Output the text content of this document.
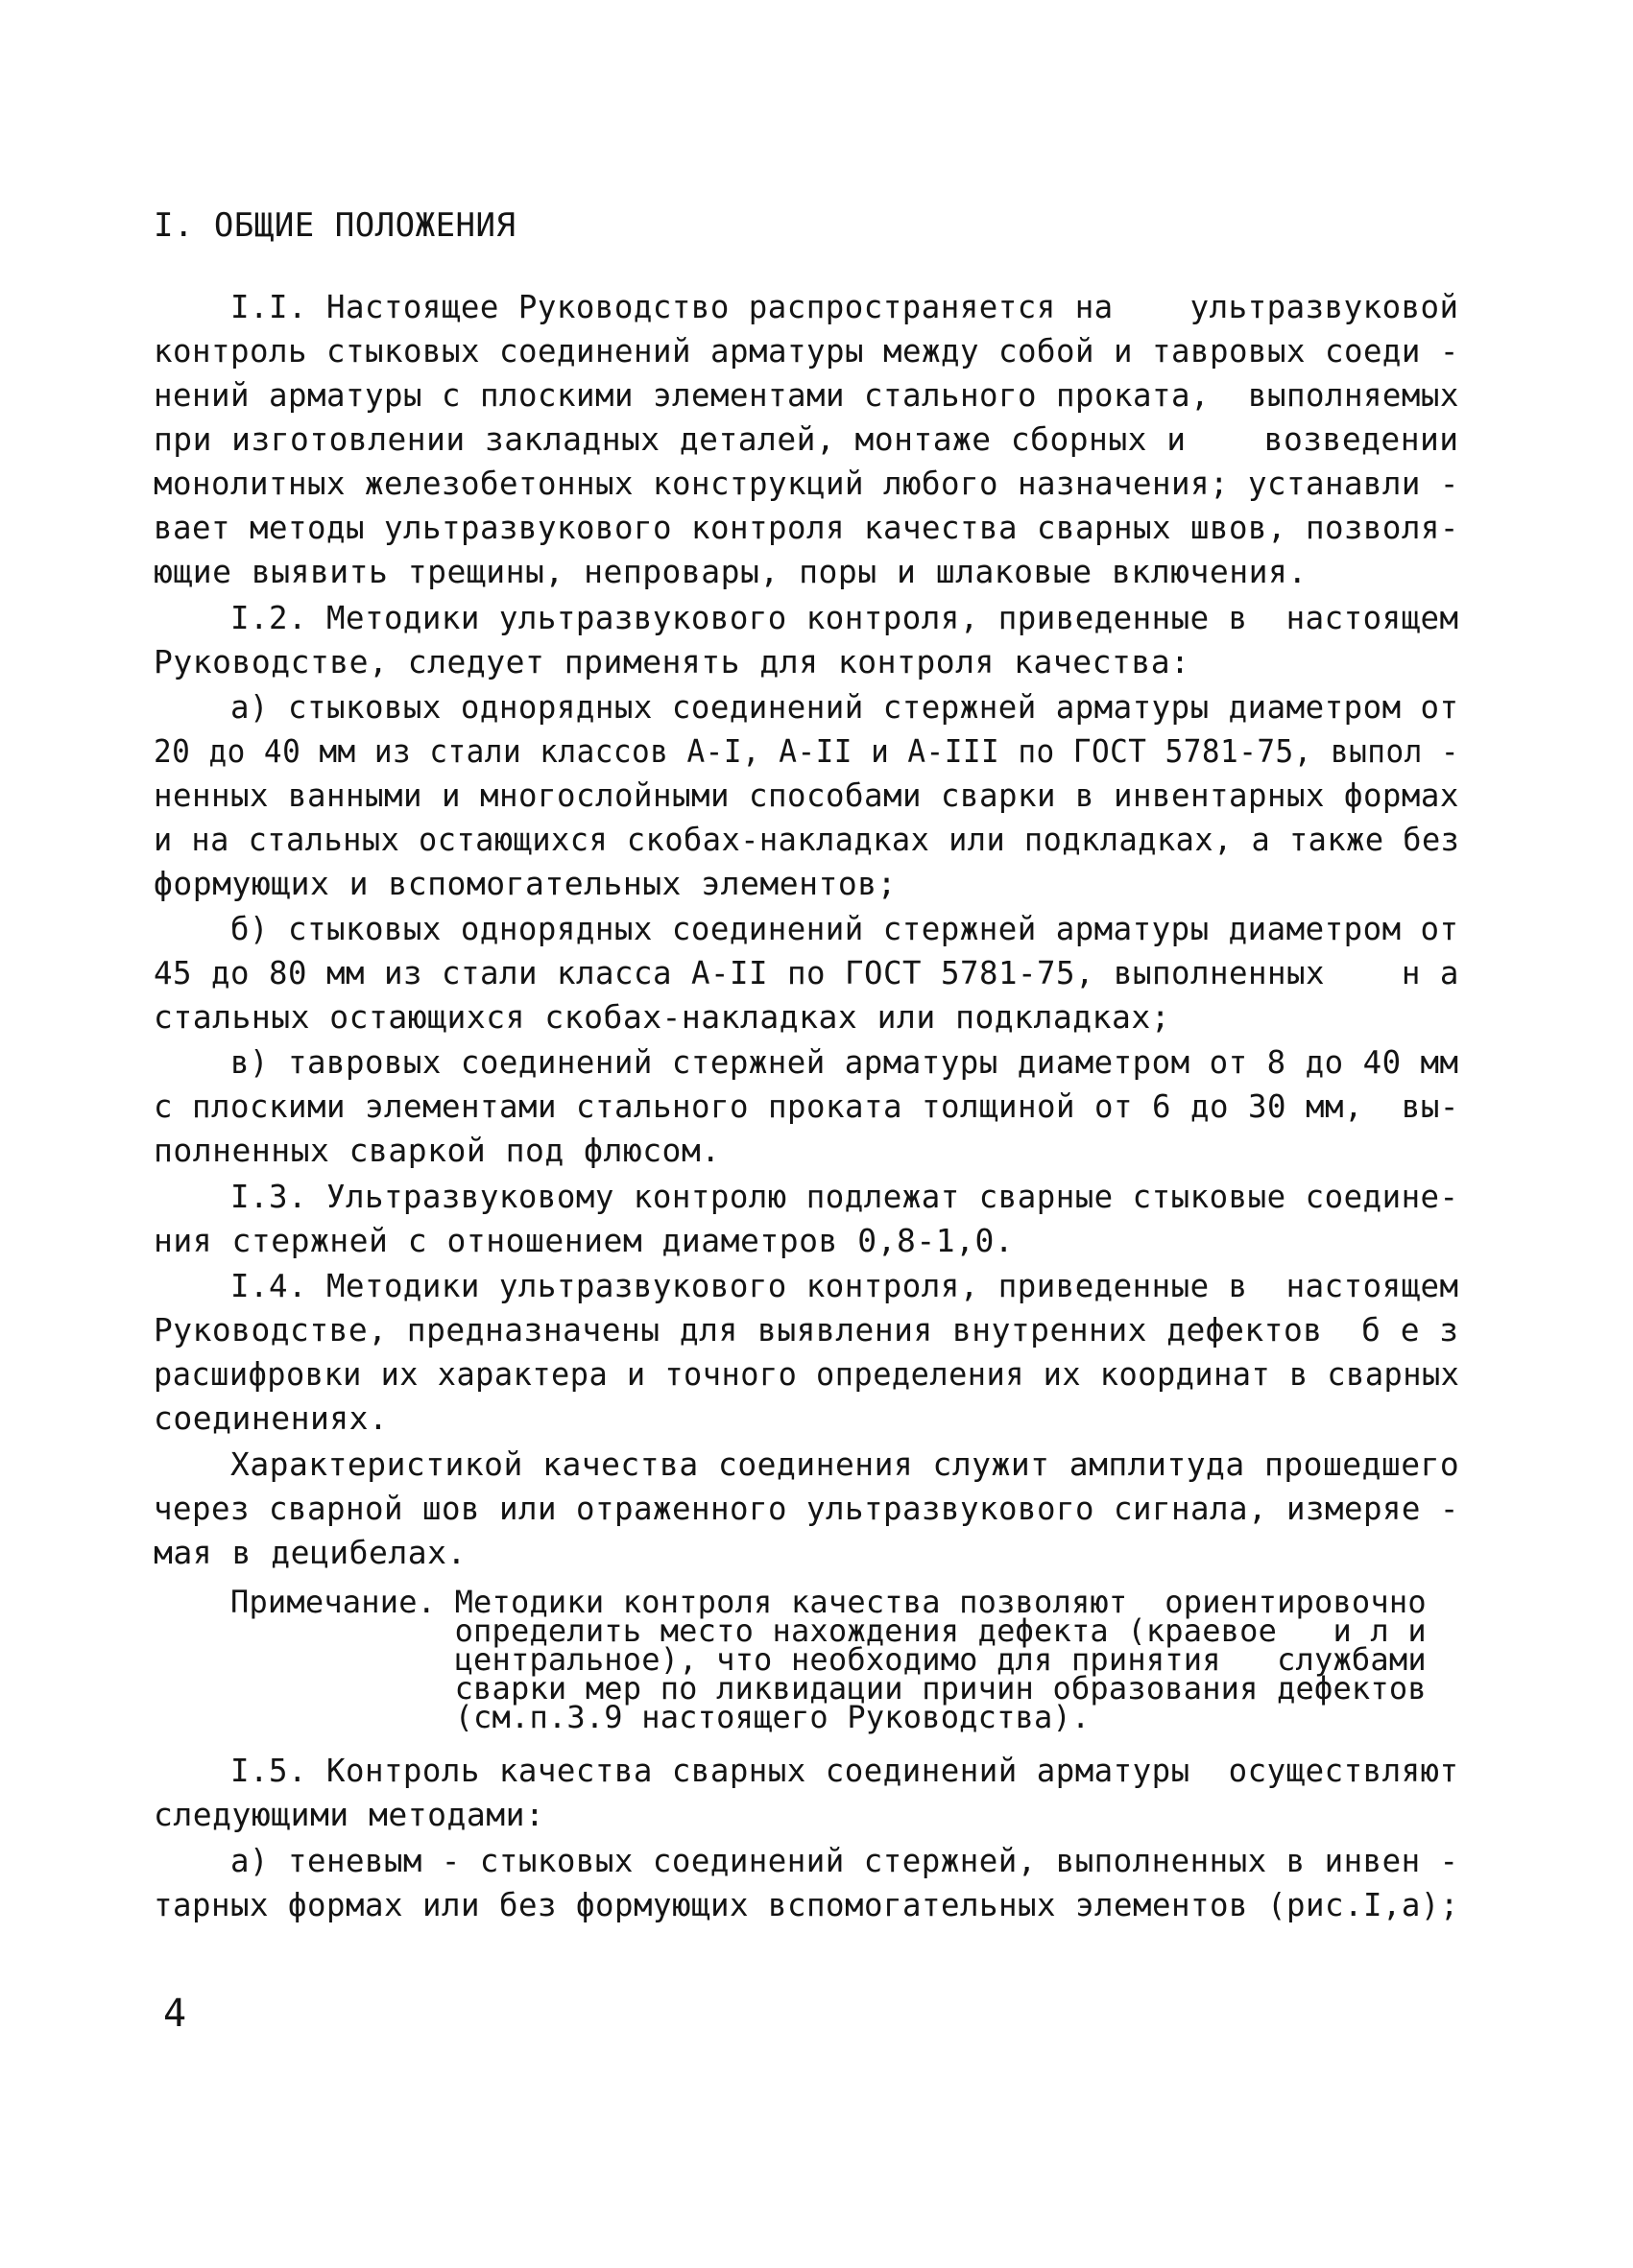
I. ОБЩИЕ ПОЛОЖЕНИЯ
I.I. Настоящее Руководство распространяется на    ультразвуковой
контроль стыковых соединений арматуры между собой и тавровых соеди -
нений арматуры с плоскими элементами стального проката,  выполняемых
при изготовлении закладных деталей, монтаже сборных и    возведении
монолитных железобетонных конструкций любого назначения; устанавли -
вает методы ультразвукового контроля качества сварных швов, позволя-
ющие выявить трещины, непровары, поры и шлаковые включения.
I.2. Методики ультразвукового контроля, приведенные в  настоящем
Руководстве, следует применять для контроля качества:
а) стыковых однорядных соединений стержней арматуры диаметром от
20 до 40 мм из стали классов А-I, А-II и А-III по ГОСТ 5781-75, выпол -
ненных ванными и многослойными способами сварки в инвентарных формах
и на стальных остающихся скобах-накладках или подкладках, а также без
формующих и вспомогательных элементов;
б) стыковых однорядных соединений стержней арматуры диаметром от
45 до 80 мм из стали класса А-II по ГОСТ 5781-75, выполненных    н а
стальных остающихся скобах-накладках или подкладках;
в) тавровых соединений стержней арматуры диаметром от 8 до 40 мм
с плоскими элементами стального проката толщиной от 6 до 30 мм,  вы-
полненных сваркой под флюсом.
I.3. Ультразвуковому контролю подлежат сварные стыковые соедине-
ния стержней с отношением диаметров 0,8-1,0.
I.4. Методики ультразвукового контроля, приведенные в  настоящем
Руководстве, предназначены для выявления внутренних дефектов  б е з
расшифровки их характера и точного определения их координат в сварных
соединениях.
Характеристикой качества соединения служит амплитуда прошедшего
через сварной шов или отраженного ультразвукового сигнала, измеряе -
мая в децибелах.
Примечание. Методики контроля качества позволяют  ориентировочно
определить место нахождения дефекта (краевое   и л и
центральное), что необходимо для принятия   службами
сварки мер по ликвидации причин образования дефектов
(см.п.3.9 настоящего Руководства).
I.5. Контроль качества сварных соединений арматуры  осуществляют
следующими методами:
а) теневым - стыковых соединений стержней, выполненных в инвен -
тарных формах или без формующих вспомогательных элементов (рис.I,а);
4
